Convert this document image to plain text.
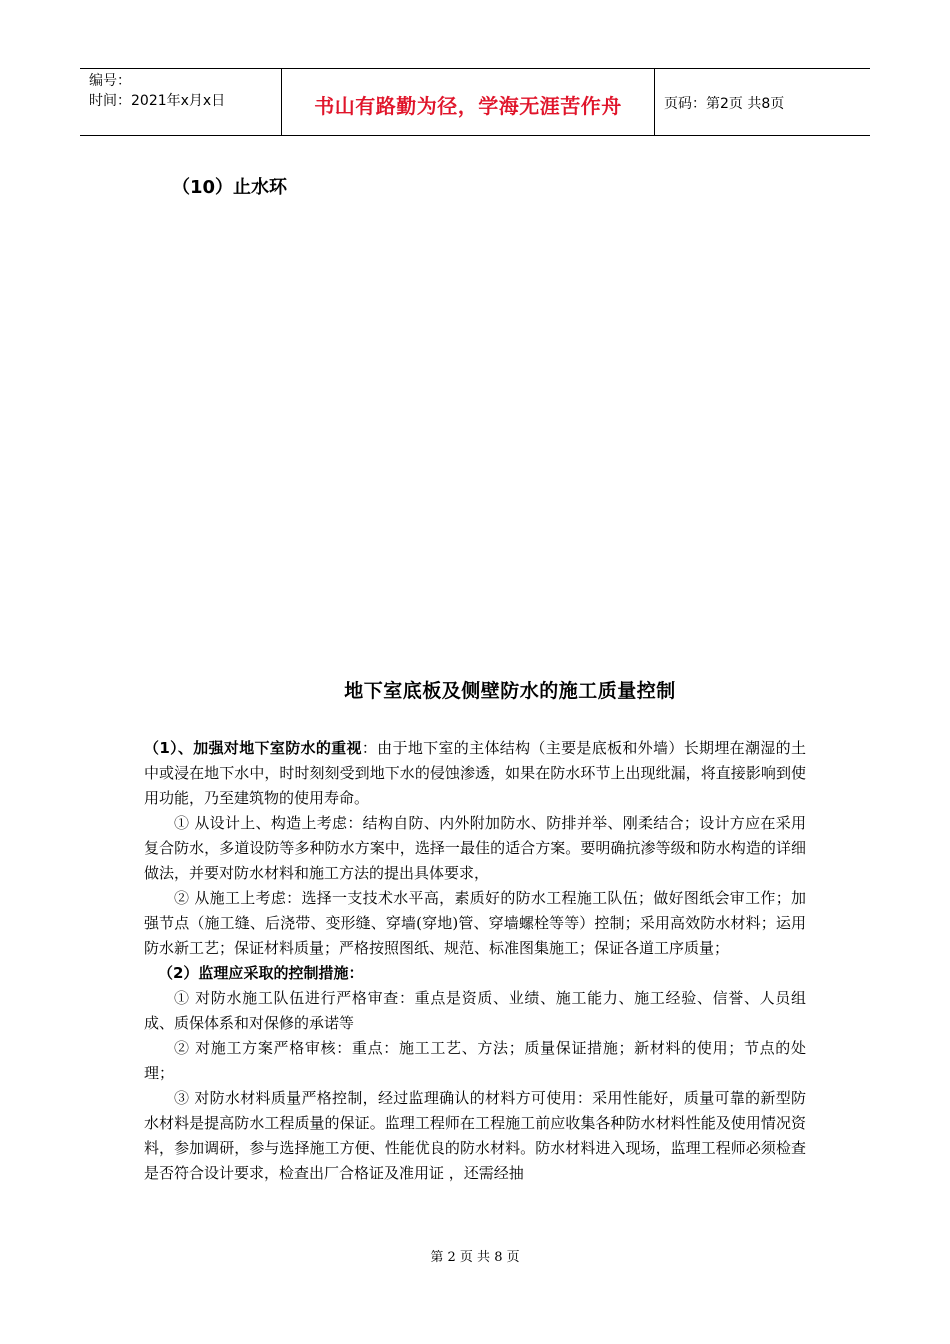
编号：
时间：2021年x月x日	书山有路勤为径，学海无涯苦作舟	页码：第2页 共8页
（10）止水环
地下室底板及侧壁防水的施工质量控制

（1）、加强对地下室防水的重视：由于地下室的主体结构（主要是底板和外墙）长期埋在潮湿的土中或浸在地下水中，时时刻刻受到地下水的侵蚀渗透，如果在防水环节上出现纰漏，将直接影响到使用功能，乃至建筑物的使用寿命。

① 从设计上、构造上考虑：结构自防、内外附加防水、防排并举、刚柔结合；设计方应在采用复合防水，多道设防等多种防水方案中，选择一最佳的适合方案。要明确抗渗等级和防水构造的详细做法，并要对防水材料和施工方法的提出具体要求，

② 从施工上考虑：选择一支技术水平高，素质好的防水工程施工队伍；做好图纸会审工作；加强节点（施工缝、后浇带、变形缝、穿墙(穿地)管、穿墙螺栓等等）控制；采用高效防水材料；运用防水新工艺；保证材料质量；严格按照图纸、规范、标准图集施工；保证各道工序质量；

（2）监理应采取的控制措施：

① 对防水施工队伍进行严格审查：重点是资质、业绩、施工能力、施工经验、信誉、人员组成、质保体系和对保修的承诺等

② 对施工方案严格审核：重点：施工工艺、方法；质量保证措施；新材料的使用；节点的处理；

③ 对防水材料质量严格控制，经过监理确认的材料方可使用：采用性能好，质量可靠的新型防水材料是提高防水工程质量的保证。监理工程师在工程施工前应收集各种防水材料性能及使用情况资料，参加调研，参与选择施工方便、性能优良的防水材料。防水材料进入现场，监理工程师必须检查是否符合设计要求，检查出厂合格证及准用证 ，还需经抽

第 2 页 共 8 页
